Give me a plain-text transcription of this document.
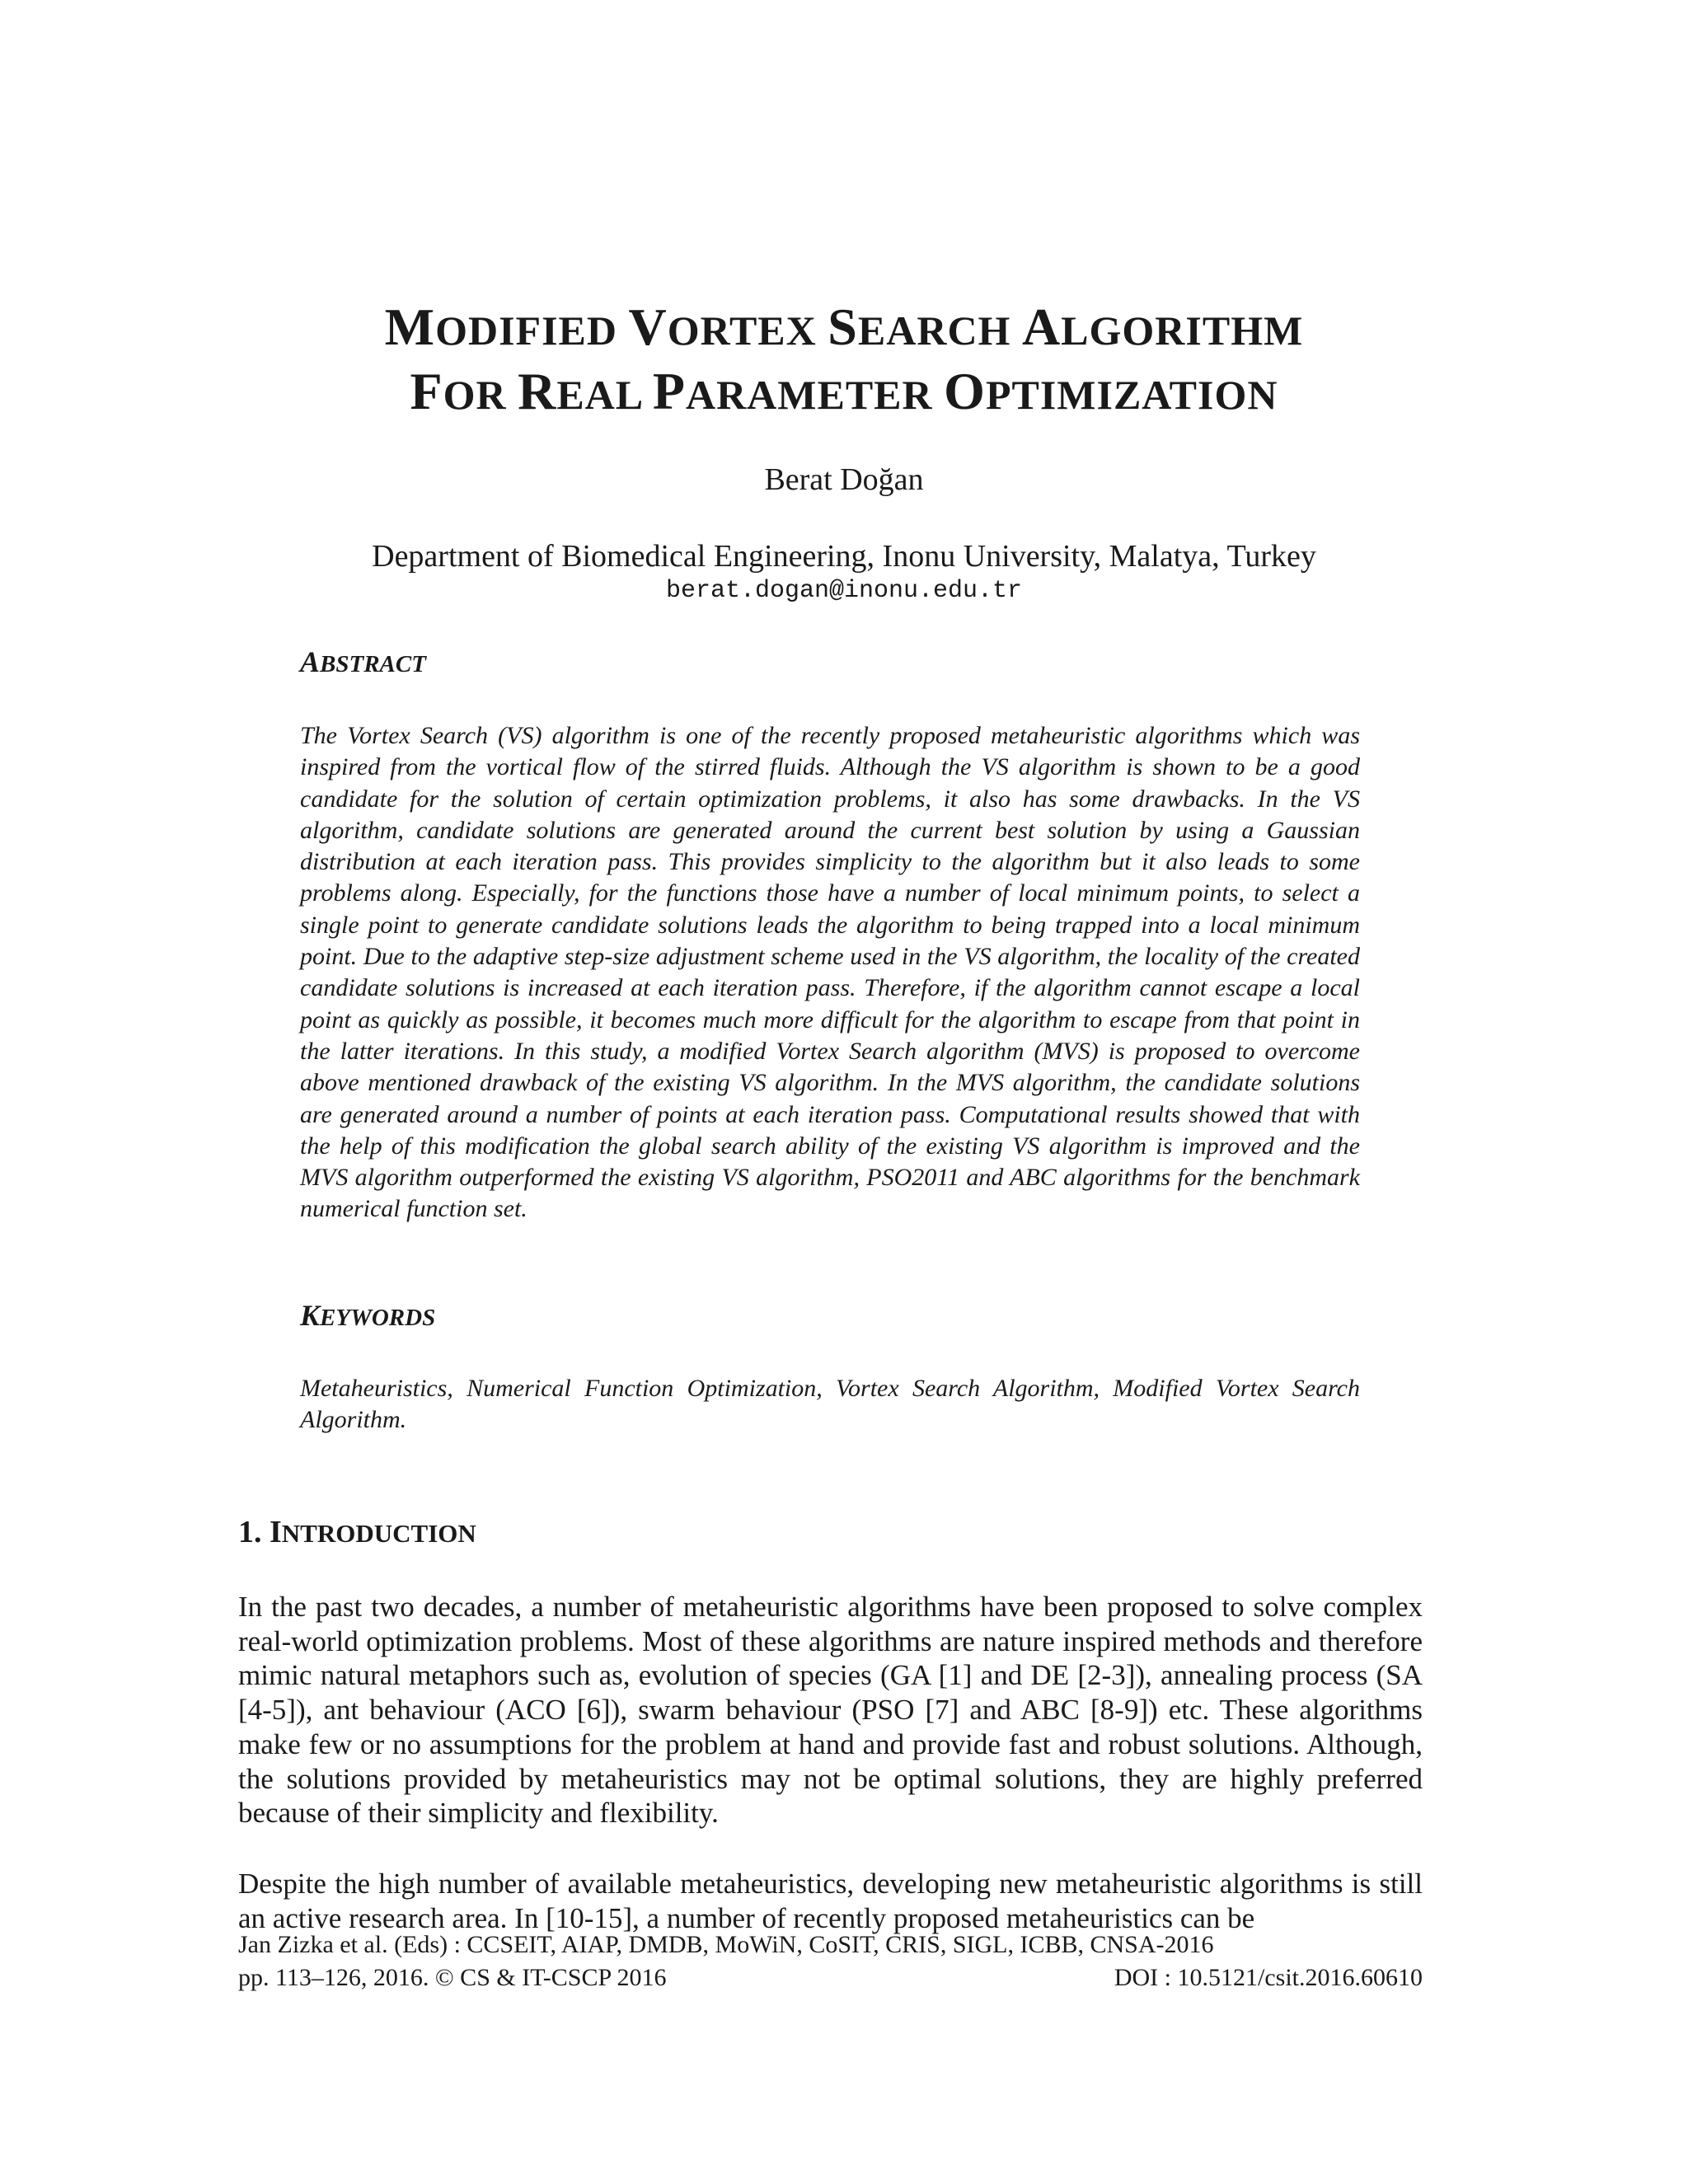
MODIFIED VORTEX SEARCH ALGORITHM
FOR REAL PARAMETER OPTIMIZATION

Berat Doğan

Department of Biomedical Engineering, Inonu University, Malatya, Turkey

berat.dogan@inonu.edu.tr

ABSTRACT

The Vortex Search (VS) algorithm is one of the recently proposed metaheuristic algorithms which was inspired from the vortical flow of the stirred fluids. Although the VS algorithm is shown to be a good candidate for the solution of certain optimization problems, it also has some drawbacks. In the VS algorithm, candidate solutions are generated around the current best solution by using a Gaussian distribution at each iteration pass. This provides simplicity to the algorithm but it also leads to some problems along. Especially, for the functions those have a number of local minimum points, to select a single point to generate candidate solutions leads the algorithm to being trapped into a local minimum point. Due to the adaptive step-size adjustment scheme used in the VS algorithm, the locality of the created candidate solutions is increased at each iteration pass. Therefore, if the algorithm cannot escape a local point as quickly as possible, it becomes much more difficult for the algorithm to escape from that point in the latter iterations. In this study, a modified Vortex Search algorithm (MVS) is proposed to overcome above mentioned drawback of the existing VS algorithm. In the MVS algorithm, the candidate solutions are generated around a number of points at each iteration pass. Computational results showed that with the help of this modification the global search ability of the existing VS algorithm is improved and the MVS algorithm outperformed the existing VS algorithm, PSO2011 and ABC algorithms for the benchmark numerical function set.

KEYWORDS

Metaheuristics, Numerical Function Optimization, Vortex Search Algorithm, Modified Vortex Search Algorithm.

1. INTRODUCTION

In the past two decades, a number of metaheuristic algorithms have been proposed to solve complex real-world optimization problems. Most of these algorithms are nature inspired methods and therefore mimic natural metaphors such as, evolution of species (GA [1] and DE [2-3]), annealing process (SA [4-5]), ant behaviour (ACO [6]), swarm behaviour (PSO [7] and ABC [8-9]) etc. These algorithms make few or no assumptions for the problem at hand and provide fast and robust solutions. Although, the solutions provided by metaheuristics may not be optimal solutions, they are highly preferred because of their simplicity and flexibility.

Despite the high number of available metaheuristics, developing new metaheuristic algorithms is still an active research area. In [10-15], a number of recently proposed metaheuristics can be

Jan Zizka et al. (Eds) : CCSEIT, AIAP, DMDB, MoWiN, CoSIT, CRIS, SIGL, ICBB, CNSA-2016

pp. 113–126, 2016. © CS & IT-CSCP 2016	DOI : 10.5121/csit.2016.60610
